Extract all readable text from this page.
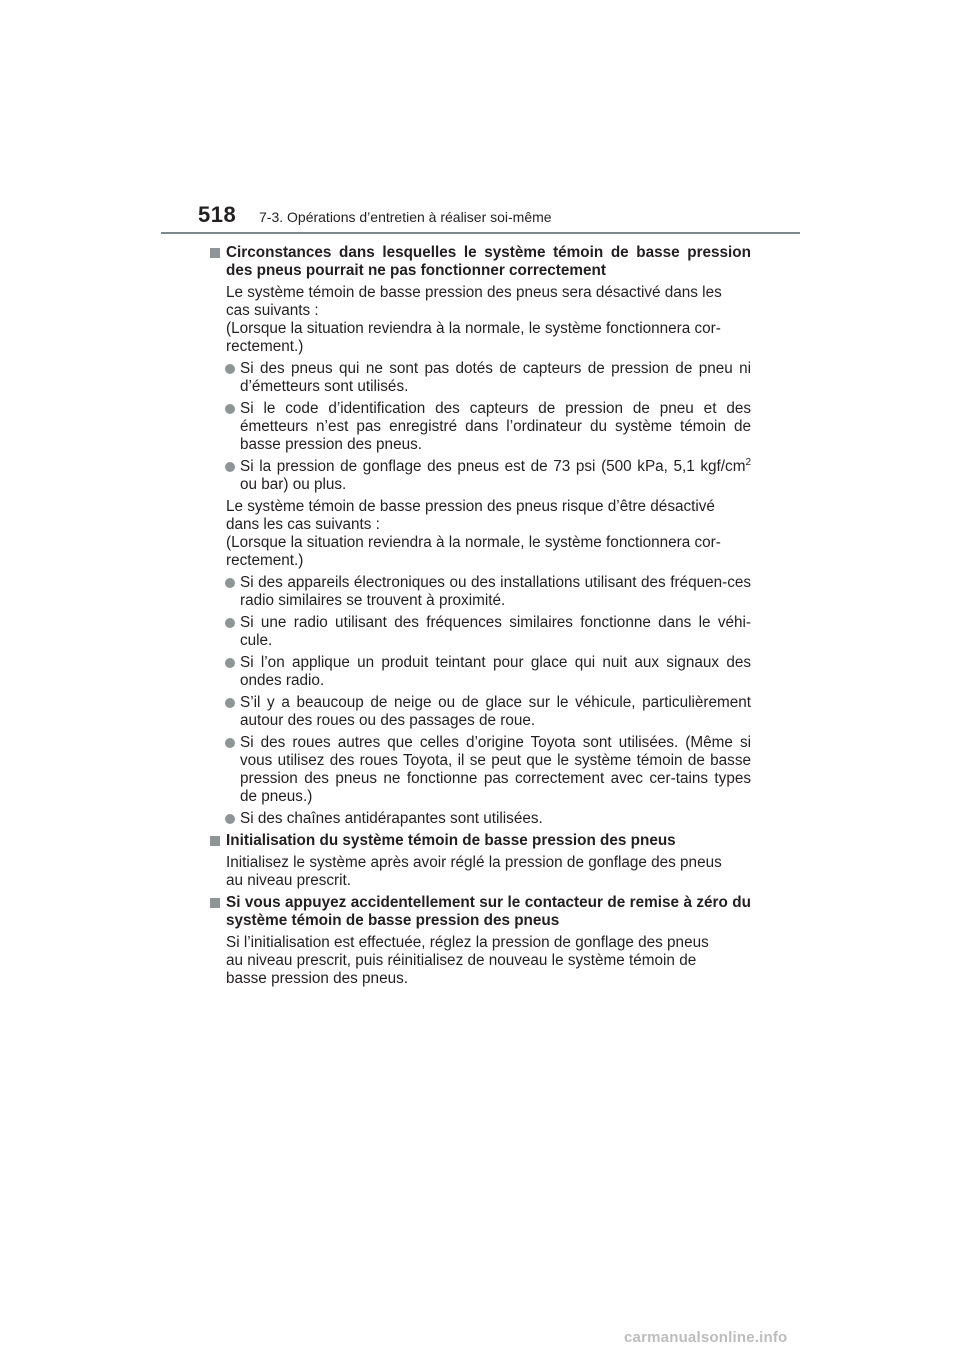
518 7-3. Opérations d’entretien à réaliser soi-même
Circonstances dans lesquelles le système témoin de basse pression des pneus pourrait ne pas fonctionner correctement
Le système témoin de basse pression des pneus sera désactivé dans les
cas suivants :
(Lorsque la situation reviendra à la normale, le système fonctionnera cor-
rectement.)
Si des pneus qui ne sont pas dotés de capteurs de pression de pneu ni d’émetteurs sont utilisés.
Si le code d’identification des capteurs de pression de pneu et des émetteurs n’est pas enregistré dans l’ordinateur du système témoin de basse pression des pneus.
Si la pression de gonflage des pneus est de 73 psi (500 kPa, 5,1 kgf/$cm^2$ ou bar) ou plus.
Le système témoin de basse pression des pneus risque d’être désactivé
dans les cas suivants :
(Lorsque la situation reviendra à la normale, le système fonctionnera cor-
rectement.)
Si des appareils électroniques ou des installations utilisant des fréquen-ces radio similaires se trouvent à proximité.
Si une radio utilisant des fréquences similaires fonctionne dans le véhi-cule.
Si l’on applique un produit teintant pour glace qui nuit aux signaux des ondes radio.
S’il y a beaucoup de neige ou de glace sur le véhicule, particulièrement autour des roues ou des passages de roue.
Si des roues autres que celles d’origine Toyota sont utilisées. (Même si vous utilisez des roues Toyota, il se peut que le système témoin de basse pression des pneus ne fonctionne pas correctement avec cer-tains types de pneus.)
Si des chaînes antidérapantes sont utilisées.
Initialisation du système témoin de basse pression des pneus
Initialisez le système après avoir réglé la pression de gonflage des pneus
au niveau prescrit.
Si vous appuyez accidentellement sur le contacteur de remise à zéro du système témoin de basse pression des pneus
Si l’initialisation est effectuée, réglez la pression de gonflage des pneus
au niveau prescrit, puis réinitialisez de nouveau le système témoin de
basse pression des pneus.
carmanualsonline.info
